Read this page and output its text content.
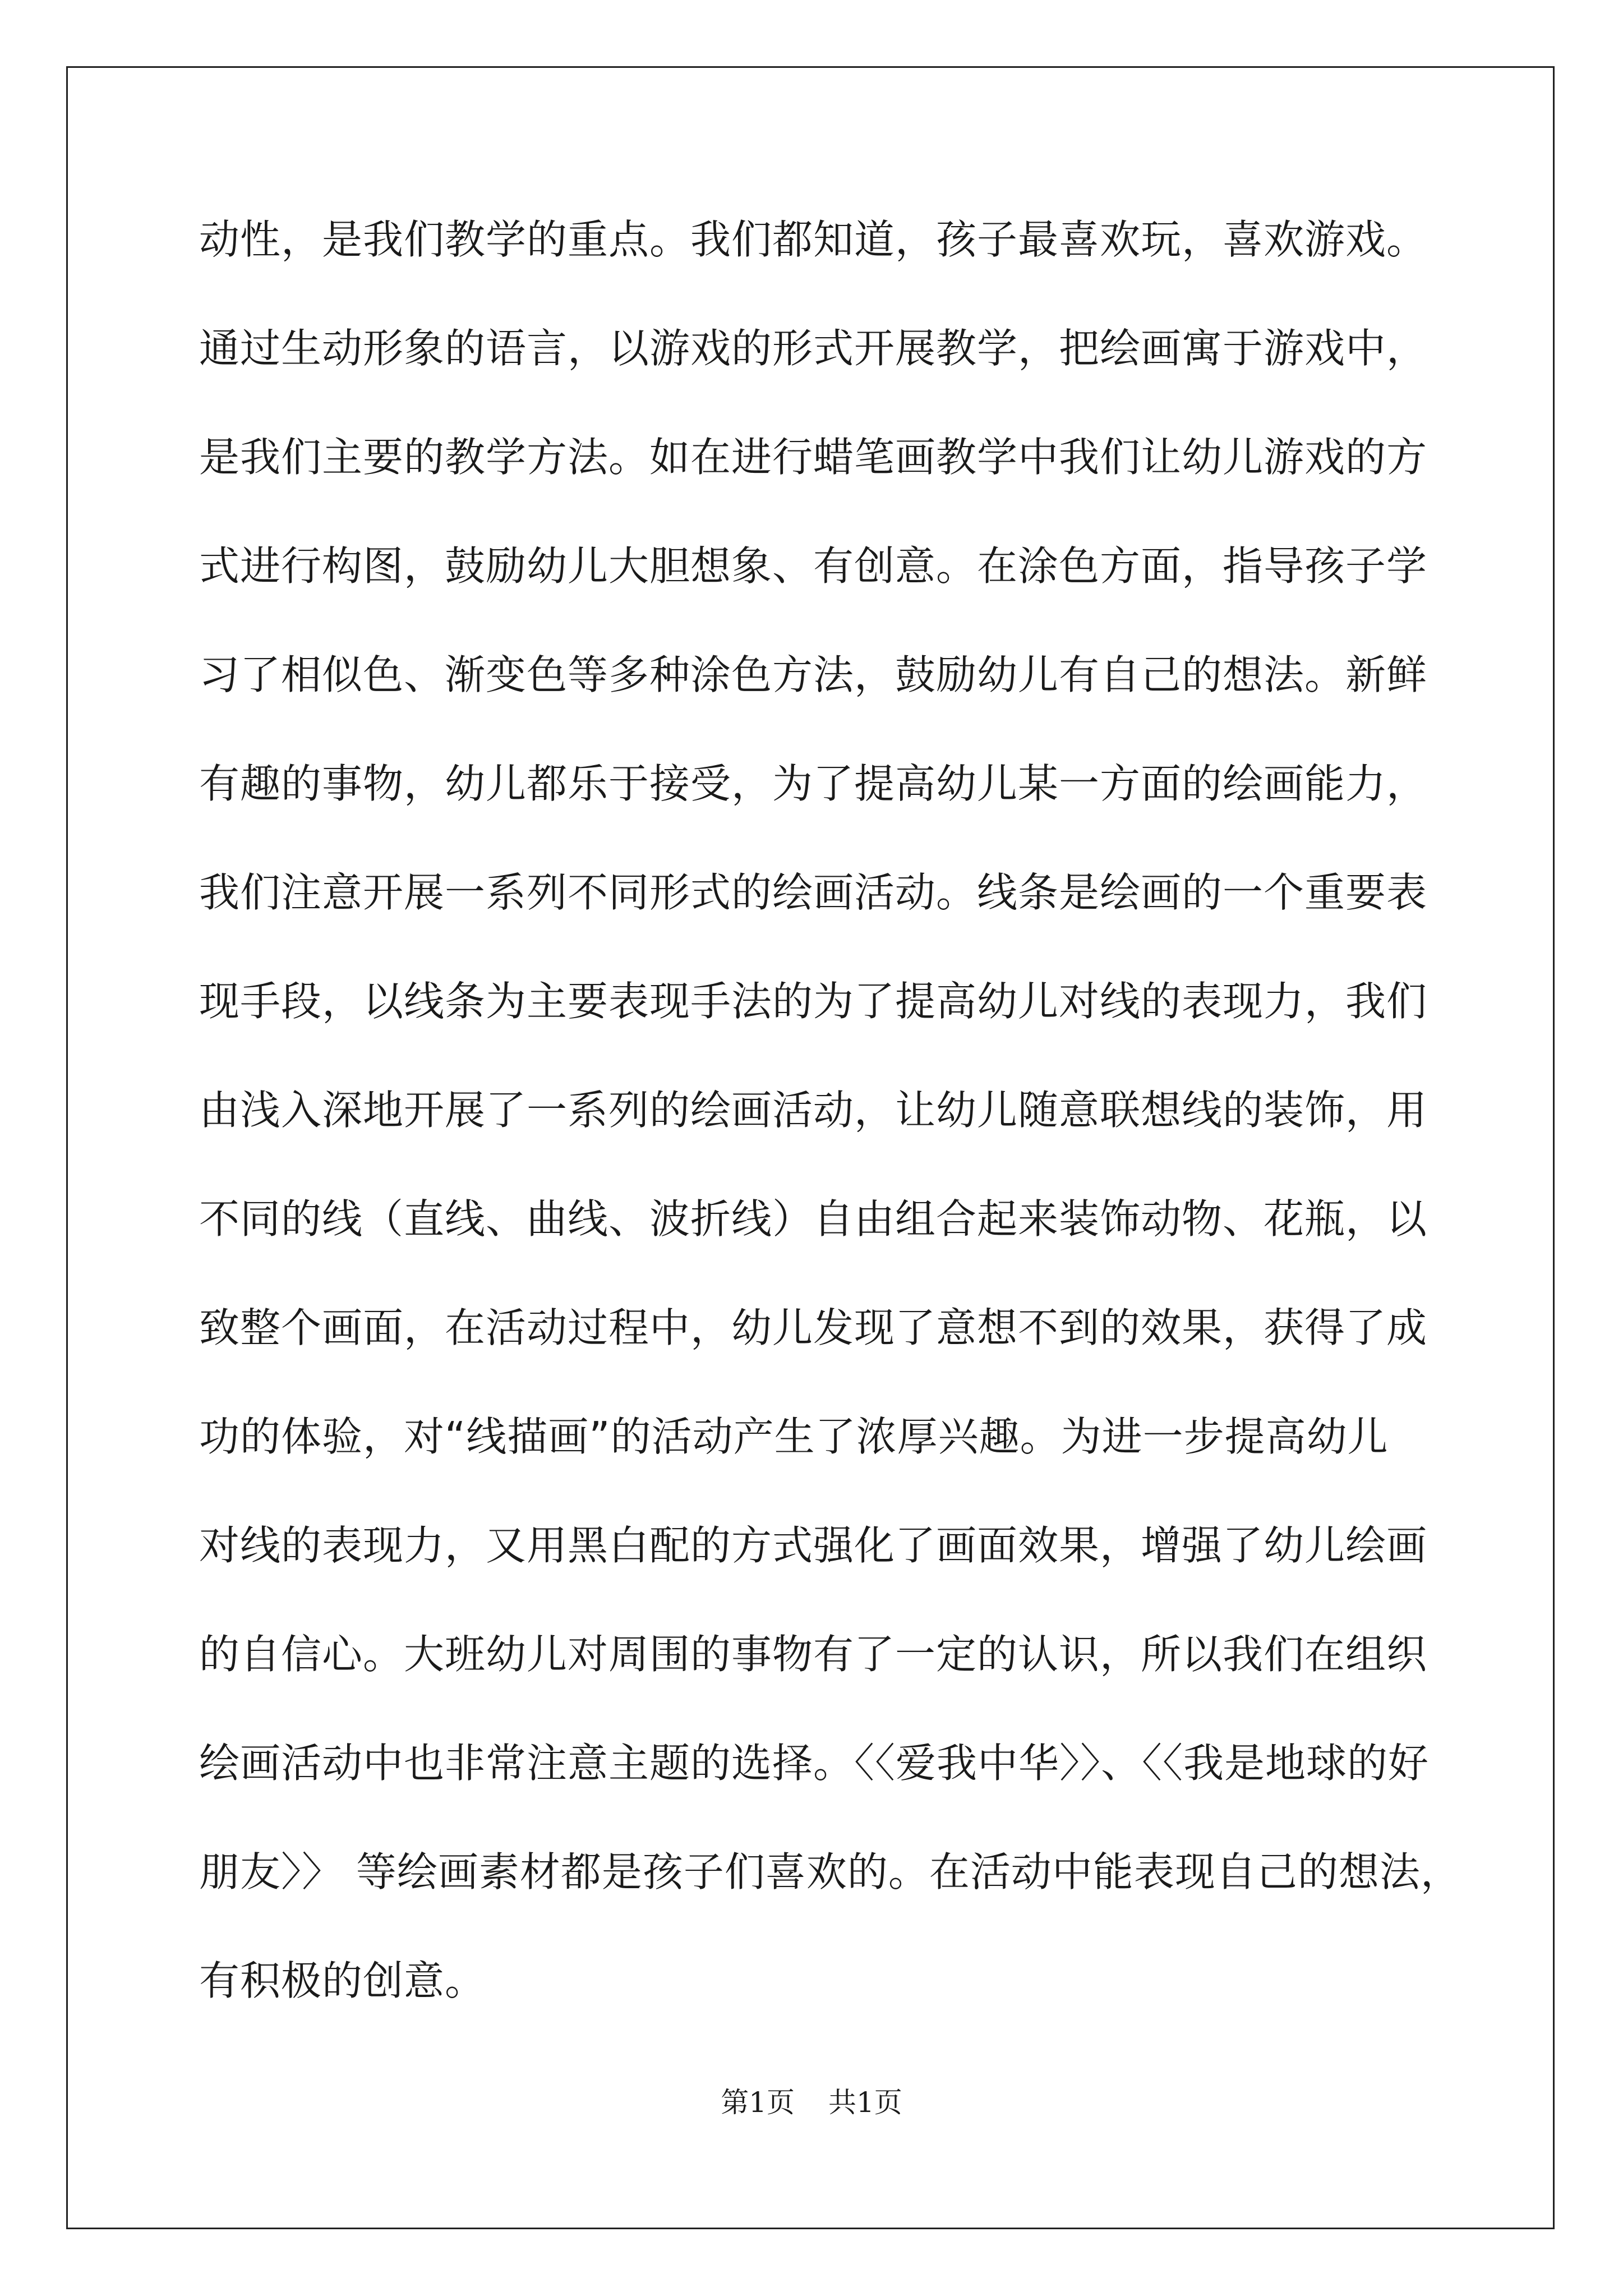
动性，是我们教学的重点。我们都知道，孩子最喜欢玩，喜欢游戏。
通过生动形象的语言，以游戏的形式开展教学，把绘画寓于游戏中，
是我们主要的教学方法。如在进行蜡笔画教学中我们让幼儿游戏的方
式进行构图，鼓励幼儿大胆想象、有创意。在涂色方面，指导孩子学
习了相似色、渐变色等多种涂色方法，鼓励幼儿有自己的想法。新鲜
有趣的事物，幼儿都乐于接受，为了提高幼儿某一方面的绘画能力，
我们注意开展一系列不同形式的绘画活动。线条是绘画的一个重要表
现手段，以线条为主要表现手法的为了提高幼儿对线的表现力，我们
由浅入深地开展了一系列的绘画活动，让幼儿随意联想线的装饰，用
不同的线（直线、曲线、波折线）自由组合起来装饰动物、花瓶，以
致整个画面，在活动过程中，幼儿发现了意想不到的效果，获得了成
功的体验，对“线描画”的活动产生了浓厚兴趣。为进一步提高幼儿
对线的表现力，又用黑白配的方式强化了画面效果，增强了幼儿绘画
的自信心。大班幼儿对周围的事物有了一定的认识，所以我们在组织
绘画活动中也非常注意主题的选择。〈〈爱我中华〉〉、〈〈我是地球的好
朋友〉〉 等绘画素材都是孩子们喜欢的。在活动中能表现自己的想法，
有积极的创意。
第1页 共1页
